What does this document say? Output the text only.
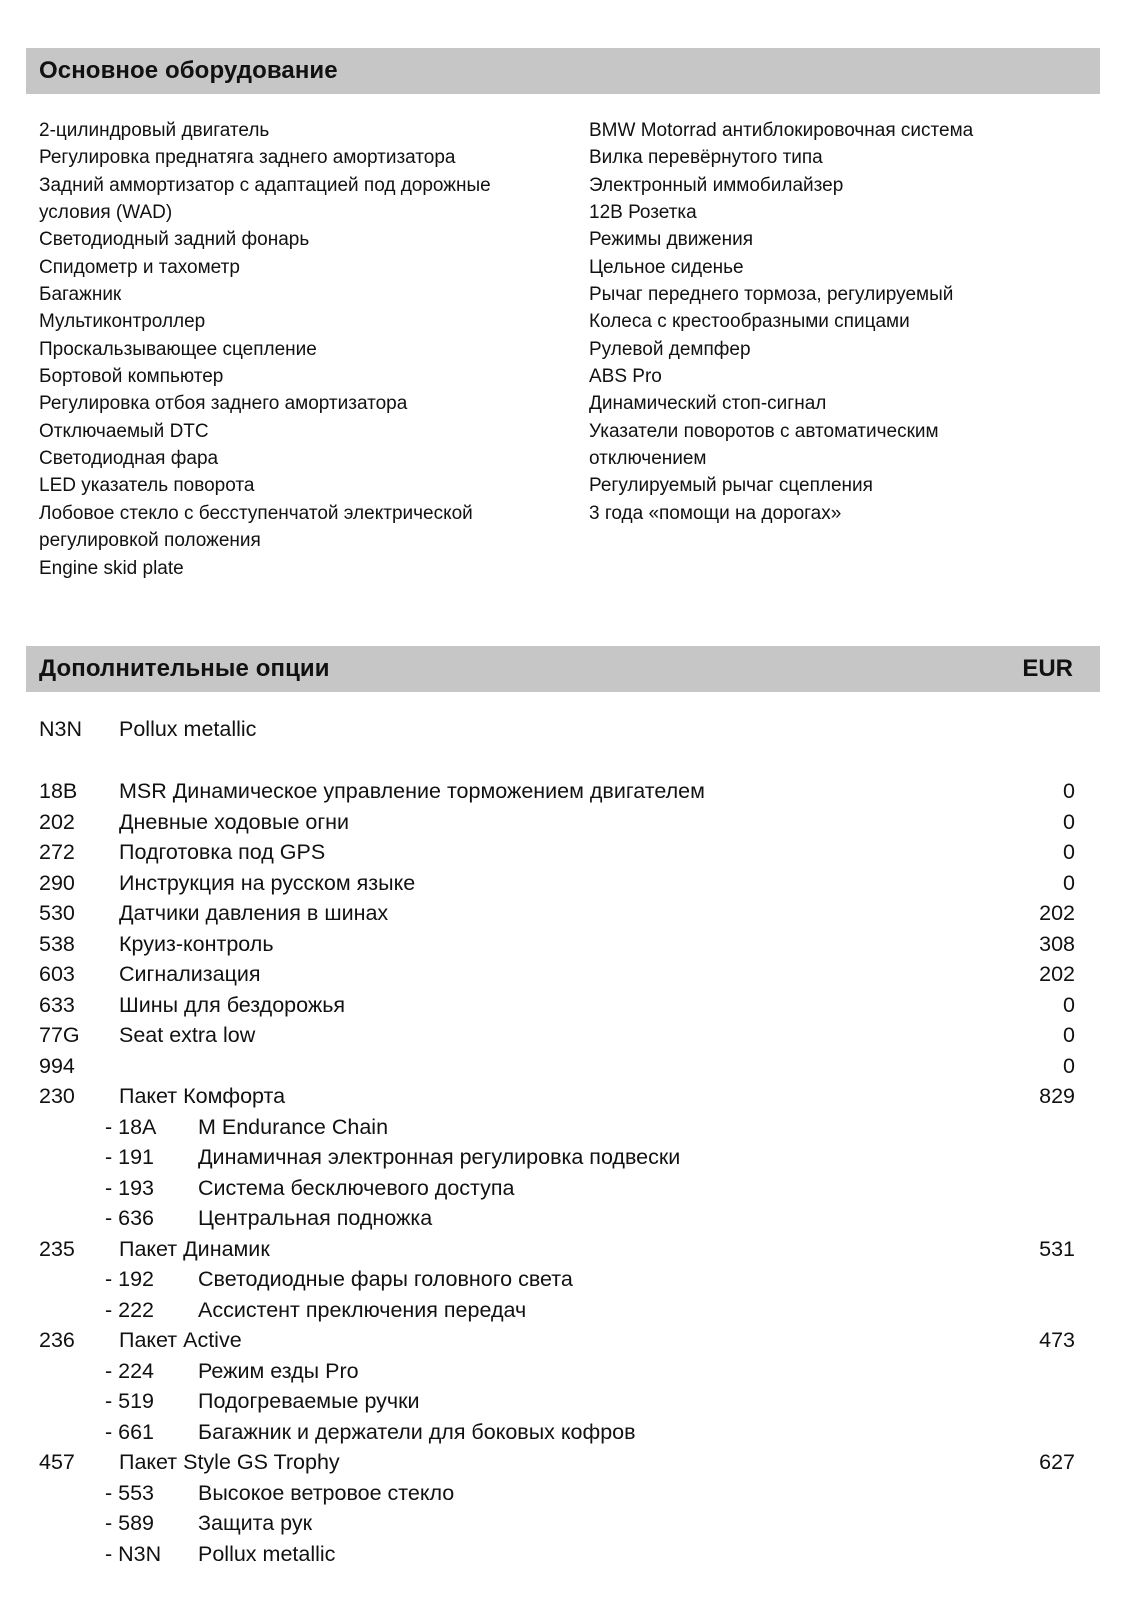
Основное оборудование
2-цилиндровый двигатель
Регулировка преднатяга заднего амортизатора
Задний аммортизатор с адаптацией под дорожные
условия (WAD)
Светодиодный задний фонарь
Спидометр и тахометр
Багажник
Мультиконтроллер
Проскальзывающее сцепление
Бортовой компьютер
Регулировка отбоя заднего амортизатора
Отключаемый DTC
Светодиодная фара
LED указатель поворота
Лобовое стекло с бесступенчатой электрической
регулировкой положения
Engine skid plate
BMW Motorrad антиблокировочная система
Вилка перевёрнутого типа
Электронный иммобилайзер
12В Розетка
Режимы движения
Цельное сиденье
Рычаг переднего тормоза, регулируемый
Колеса с крестообразными спицами
Рулевой демпфер
ABS Pro
Динамический стоп-сигнал
Указатели поворотов с автоматическим
отключением
Регулируемый рычаг сцепления
3 года «помощи на дорогах»
Дополнительные опции	EUR
N3N Pollux metallic
18B MSR Динамическое управление торможением двигателем	0
202 Дневные ходовые огни	0
272 Подготовка под GPS	0
290 Инструкция на русском языке	0
530 Датчики давления в шинах	202
538 Круиз-контроль	308
603 Сигнализация	202
633 Шины для бездорожья	0
77G Seat extra low	0
994	0
230 Пакет Комфорта	829
- 18A M Endurance Chain
- 191 Динамичная электронная регулировка подвески
- 193 Система бесключевого доступа
- 636 Центральная подножка
235 Пакет Динамик	531
- 192 Светодиодные фары головного света
- 222 Ассистент преключения передач
236 Пакет Active	473
- 224 Режим езды Pro
- 519 Подогреваемые ручки
- 661 Багажник и держатели для боковых кофров
457 Пакет Style GS Trophy	627
- 553 Высокое ветровое стекло
- 589 Защита рук
- N3N Pollux metallic
